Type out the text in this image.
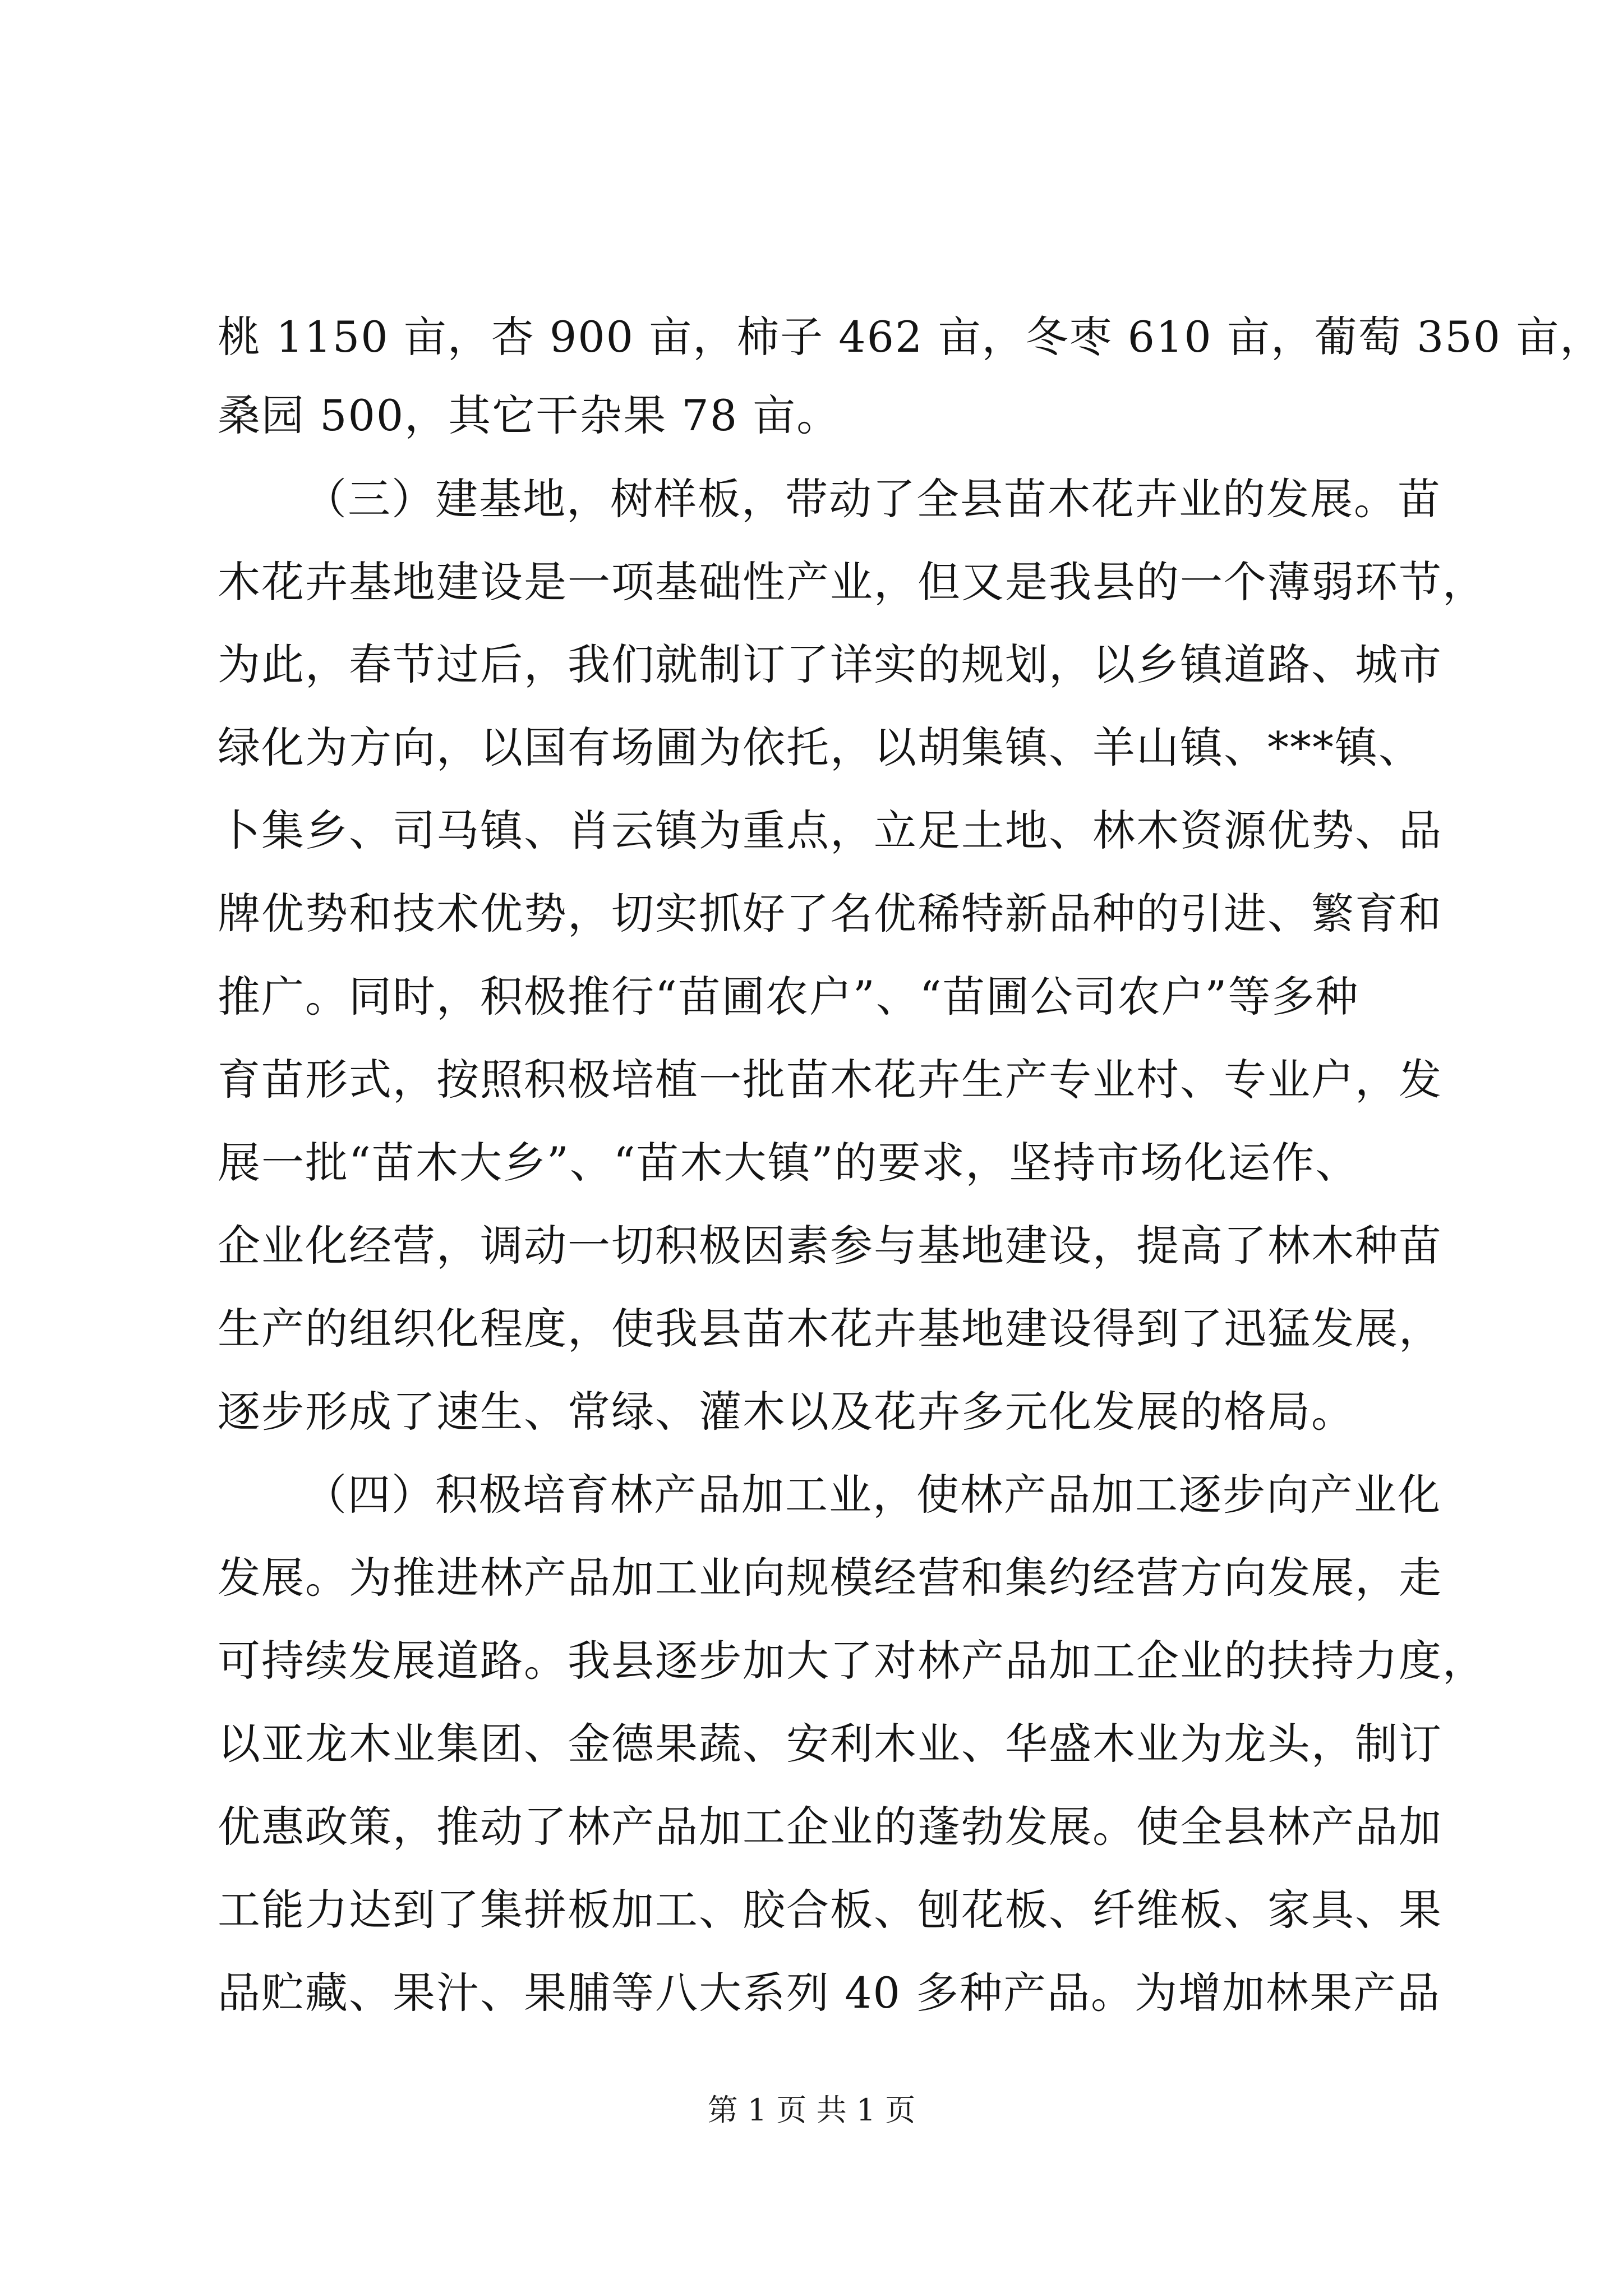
桃 1150 亩，杏 900 亩，柿子 462 亩，冬枣 610 亩，葡萄 350 亩，
桑园 500，其它干杂果 78 亩。
（三）建基地，树样板，带动了全县苗木花卉业的发展。苗
木花卉基地建设是一项基础性产业，但又是我县的一个薄弱环节，
为此，春节过后，我们就制订了详实的规划，以乡镇道路、城市
绿化为方向，以国有场圃为依托，以胡集镇、羊山镇、***镇、
卜集乡、司马镇、肖云镇为重点，立足土地、林木资源优势、品
牌优势和技术优势，切实抓好了名优稀特新品种的引进、繁育和
推广。同时，积极推行“苗圃农户”、“苗圃公司农户”等多种
育苗形式，按照积极培植一批苗木花卉生产专业村、专业户，发
展一批“苗木大乡”、“苗木大镇”的要求，坚持市场化运作、
企业化经营，调动一切积极因素参与基地建设，提高了林木种苗
生产的组织化程度，使我县苗木花卉基地建设得到了迅猛发展，
逐步形成了速生、常绿、灌木以及花卉多元化发展的格局。
（四）积极培育林产品加工业，使林产品加工逐步向产业化
发展。为推进林产品加工业向规模经营和集约经营方向发展，走
可持续发展道路。我县逐步加大了对林产品加工企业的扶持力度，
以亚龙木业集团、金德果蔬、安利木业、华盛木业为龙头，制订
优惠政策，推动了林产品加工企业的蓬勃发展。使全县林产品加
工能力达到了集拼板加工、胶合板、刨花板、纤维板、家具、果
品贮藏、果汁、果脯等八大系列 40 多种产品。为增加林果产品
第 1 页 共 1 页
